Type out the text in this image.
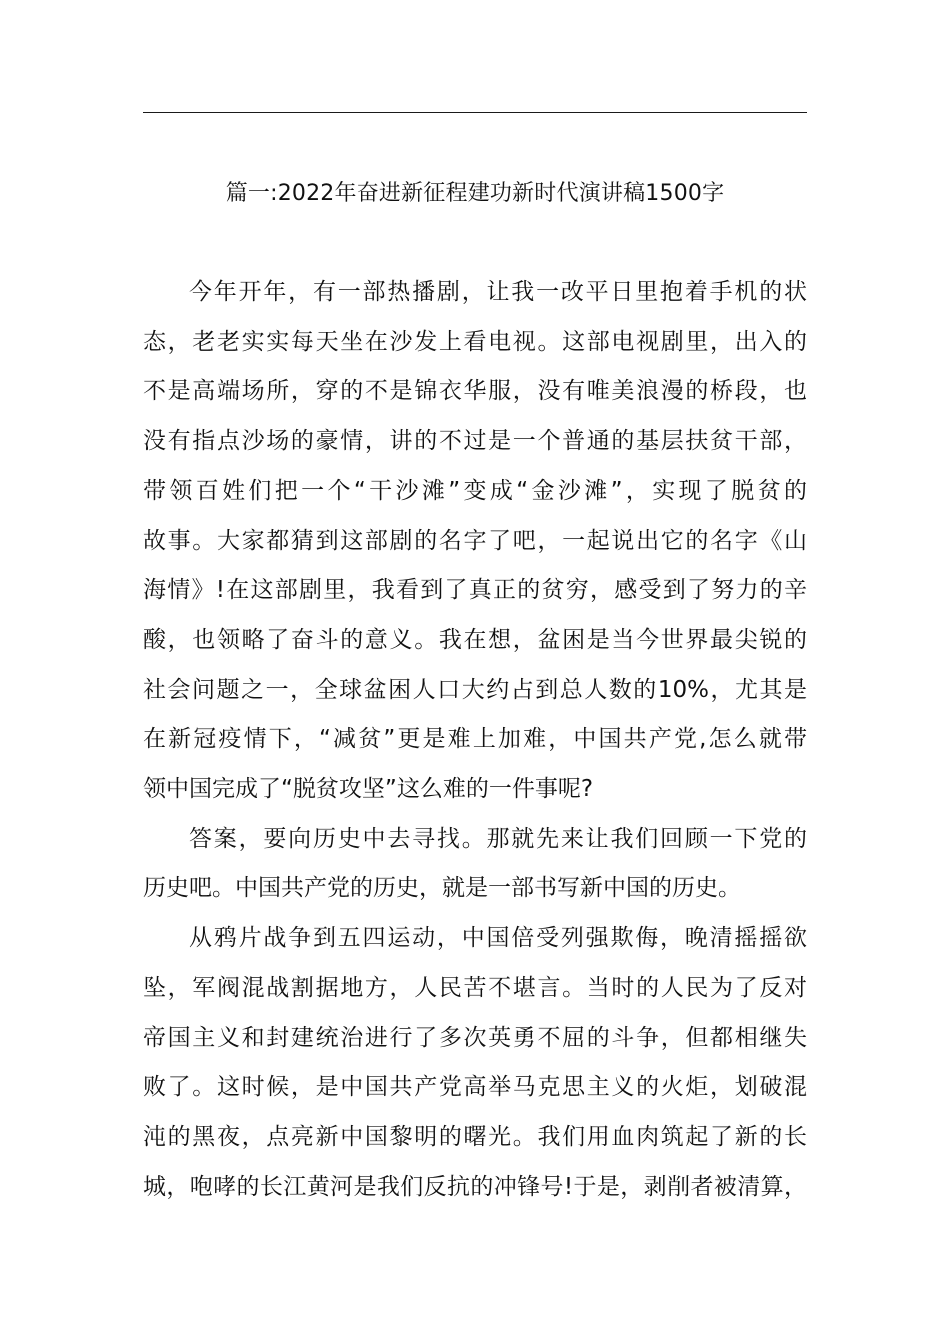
篇一:2022年奋进新征程建功新时代演讲稿1500字
今年开年，有一部热播剧，让我一改平日里抱着手机的状
态，老老实实每天坐在沙发上看电视。这部电视剧里，出入的
不是高端场所，穿的不是锦衣华服，没有唯美浪漫的桥段，也
没有指点沙场的豪情，讲的不过是一个普通的基层扶贫干部，
带领百姓们把一个“干沙滩”变成“金沙滩”，实现了脱贫的
故事。大家都猜到这部剧的名字了吧，一起说出它的名字《山
海情》!在这部剧里，我看到了真正的贫穷，感受到了努力的辛
酸，也领略了奋斗的意义。我在想，盆困是当今世界最尖锐的
社会问题之一，全球盆困人口大约占到总人数的10%，尤其是
在新冠疫情下，“减贫”更是难上加难，中国共产党,怎么就带
领中国完成了“脱贫攻坚”这么难的一件事呢?
答案，要向历史中去寻找。那就先来让我们回顾一下党的
历史吧。中国共产党的历史，就是一部书写新中国的历史。
从鸦片战争到五四运动，中国倍受列强欺侮，晚清摇摇欲
坠，军阀混战割据地方，人民苦不堪言。当时的人民为了反对
帝国主义和封建统治进行了多次英勇不屈的斗争，但都相继失
败了。这时候，是中国共产党高举马克思主义的火炬，划破混
沌的黑夜，点亮新中国黎明的曙光。我们用血肉筑起了新的长
城，咆哮的长江黄河是我们反抗的冲锋号!于是，剥削者被清算，
